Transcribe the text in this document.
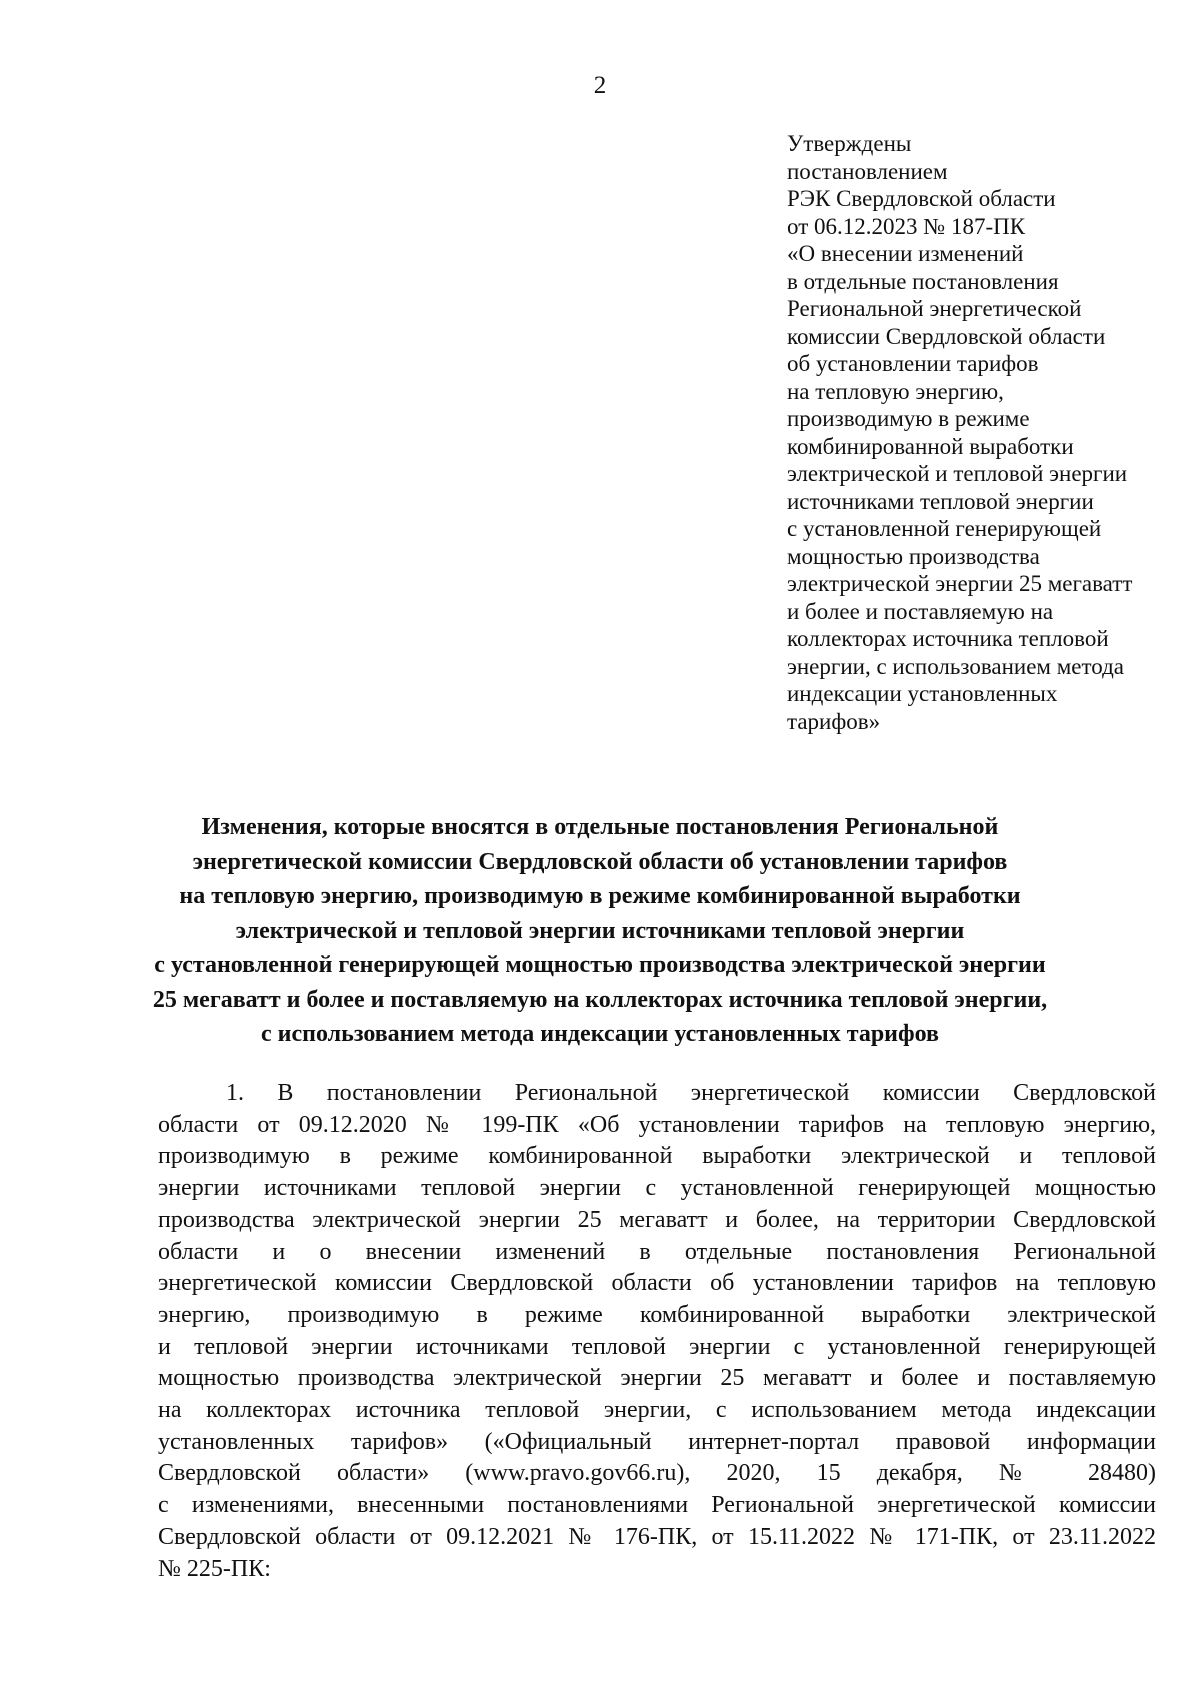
2
Утверждены
постановлением
РЭК Свердловской области
от 06.12.2023 № 187-ПК
«О внесении изменений
в отдельные постановления
Региональной энергетической
комиссии Свердловской области
об установлении тарифов
на тепловую энергию,
производимую в режиме
комбинированной выработки
электрической и тепловой энергии
источниками тепловой энергии
с установленной генерирующей
мощностью производства
электрической энергии 25 мегаватт
и более и поставляемую на
коллекторах источника тепловой
энергии, с использованием метода
индексации установленных
тарифов»
Изменения, которые вносятся в отдельные постановления Региональной
энергетической комиссии Свердловской области об установлении тарифов
на тепловую энергию, производимую в режиме комбинированной выработки
электрической и тепловой энергии источниками тепловой энергии
с установленной генерирующей мощностью производства электрической энергии
25 мегаватт и более и поставляемую на коллекторах источника тепловой энергии,
с использованием метода индексации установленных тарифов
1. В постановлении Региональной энергетической комиссии Свердловской
области от 09.12.2020 № 199-ПК «Об установлении тарифов на тепловую энергию,
производимую в режиме комбинированной выработки электрической и тепловой
энергии источниками тепловой энергии с установленной генерирующей мощностью
производства электрической энергии 25 мегаватт и более, на территории Свердловской
области и о внесении изменений в отдельные постановления Региональной
энергетической комиссии Свердловской области об установлении тарифов на тепловую
энергию, производимую в режиме комбинированной выработки электрической
и тепловой энергии источниками тепловой энергии с установленной генерирующей
мощностью производства электрической энергии 25 мегаватт и более и поставляемую
на коллекторах источника тепловой энергии, с использованием метода индексации
установленных тарифов» («Официальный интернет-портал правовой информации
Свердловской области» (www.pravo.gov66.ru), 2020, 15 декабря, № 28480)
с изменениями, внесенными постановлениями Региональной энергетической комиссии
Свердловской области от 09.12.2021 № 176-ПК, от 15.11.2022 № 171-ПК, от 23.11.2022
№ 225-ПК:
